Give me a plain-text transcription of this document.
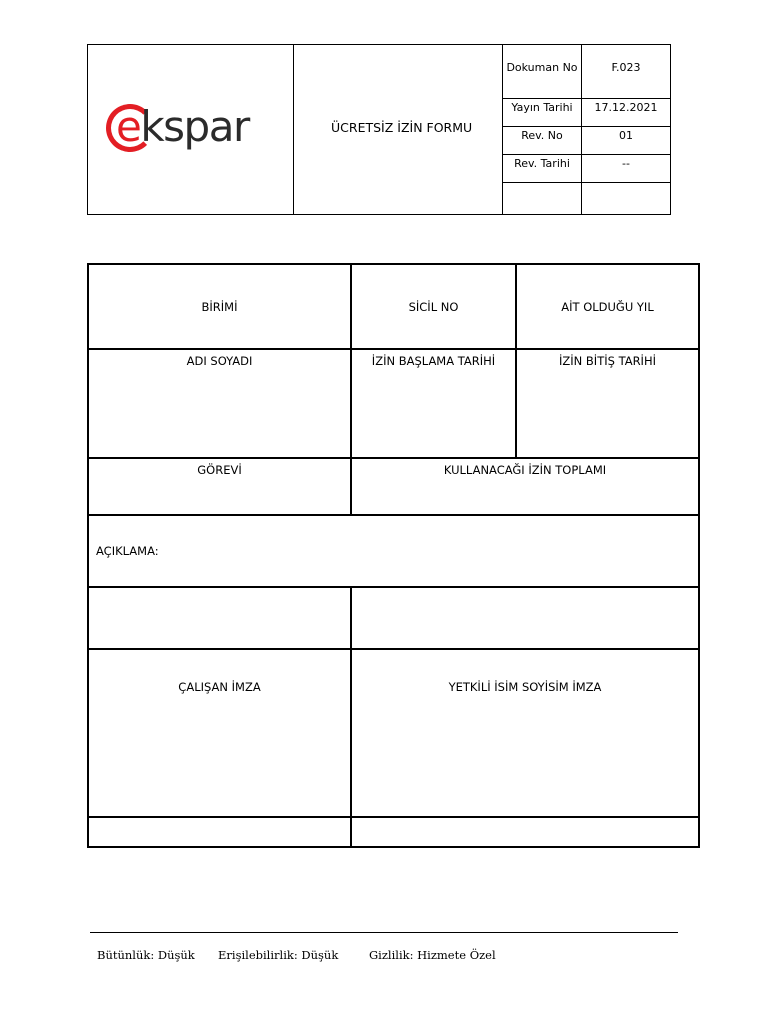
ekspar	ÜCRETSİZ İZİN FORMU	Dokuman No	F.023
		Yayın Tarihi	17.12.2021
		Rev. No	01
		Rev. Tarihi	--

BİRİMİ	SİCİL NO	AİT OLDUĞU YIL
ADI SOYADI	İZİN BAŞLAMA TARİHİ	İZİN BİTİŞ TARİHİ
GÖREVİ	KULLANACAĞI İZİN TOPLAMI	
AÇIKLAMA:		

ÇALIŞAN İMZA	YETKİLİ İSİM SOYİSİM İMZA	

Bütünlük: Düşük Erişilebilirlik: Düşük	Gizlilik: Hizmete Özel
